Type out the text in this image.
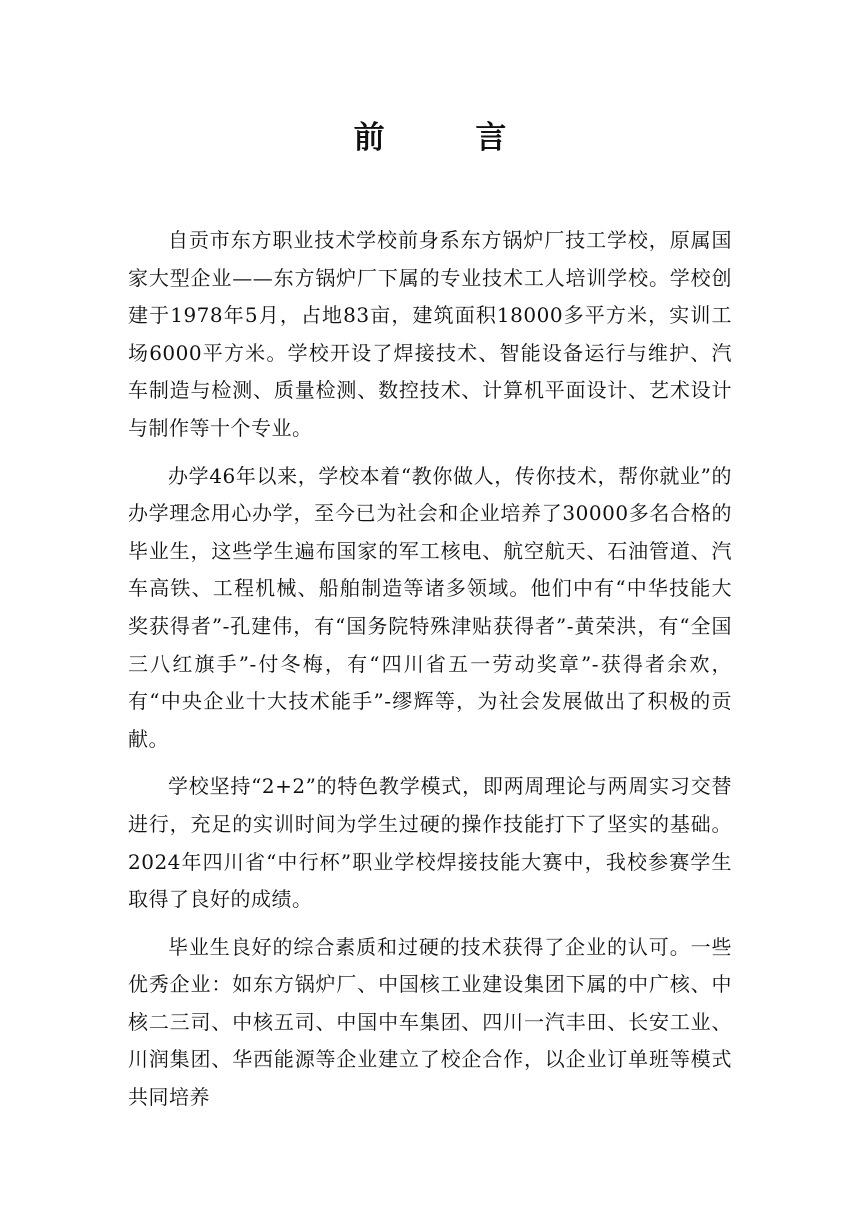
前 言

自贡市东方职业技术学校前身系东方锅炉厂技工学校，原属国家大型企业——东方锅炉厂下属的专业技术工人培训学校。学校创建于1978年5月，占地83亩，建筑面积18000多平方米，实训工场6000平方米。学校开设了焊接技术、智能设备运行与维护、汽车制造与检测、质量检测、数控技术、计算机平面设计、艺术设计与制作等十个专业。

办学46年以来，学校本着“教你做人，传你技术，帮你就业”的办学理念用心办学，至今已为社会和企业培养了30000多名合格的毕业生，这些学生遍布国家的军工核电、航空航天、石油管道、汽车高铁、工程机械、船舶制造等诸多领域。他们中有“中华技能大奖获得者”-孔建伟，有“国务院特殊津贴获得者”-黄荣洪，有“全国三八红旗手”-付冬梅，有“四川省五一劳动奖章”-获得者余欢，有“中央企业十大技术能手”-缪辉等，为社会发展做出了积极的贡献。

学校坚持“2+2”的特色教学模式，即两周理论与两周实习交替进行，充足的实训时间为学生过硬的操作技能打下了坚实的基础。2024年四川省“中行杯”职业学校焊接技能大赛中，我校参赛学生取得了良好的成绩。

毕业生良好的综合素质和过硬的技术获得了企业的认可。一些优秀企业：如东方锅炉厂、中国核工业建设集团下属的中广核、中核二三司、中核五司、中国中车集团、四川一汽丰田、长安工业、川润集团、华西能源等企业建立了校企合作，以企业订单班等模式共同培养
